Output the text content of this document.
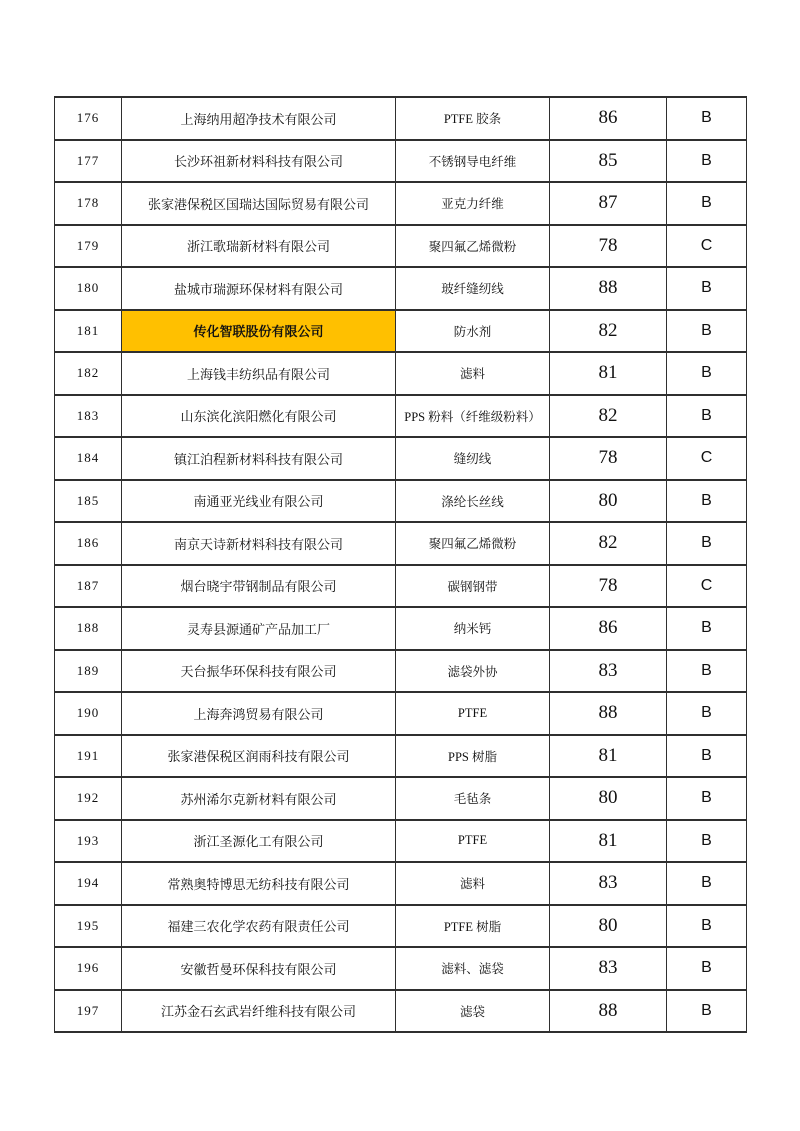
176	上海纳用超净技术有限公司	PTFE 胶条	86	B
177	长沙环祖新材料科技有限公司	不锈钢导电纤维	85	B
178	张家港保税区国瑞达国际贸易有限公司	亚克力纤维	87	B
179	浙江歌瑞新材料有限公司	聚四氟乙烯微粉	78	C
180	盐城市瑞源环保材料有限公司	玻纤缝纫线	88	B
181	传化智联股份有限公司	防水剂	82	B
182	上海钱丰纺织品有限公司	滤料	81	B
183	山东滨化滨阳燃化有限公司	PPS 粉料（纤维级粉料）	82	B
184	镇江泊程新材料科技有限公司	缝纫线	78	C
185	南通亚光线业有限公司	涤纶长丝线	80	B
186	南京天诗新材料科技有限公司	聚四氟乙烯微粉	82	B
187	烟台晓宇带钢制品有限公司	碳钢钢带	78	C
188	灵寿县源通矿产品加工厂	纳米钙	86	B
189	天台振华环保科技有限公司	滤袋外协	83	B
190	上海奔鸿贸易有限公司	PTFE	88	B
191	张家港保税区润雨科技有限公司	PPS 树脂	81	B
192	苏州浠尔克新材料有限公司	毛毡条	80	B
193	浙江圣源化工有限公司	PTFE	81	B
194	常熟奥特博思无纺科技有限公司	滤料	83	B
195	福建三农化学农药有限责任公司	PTFE 树脂	80	B
196	安徽哲曼环保科技有限公司	滤料、滤袋	83	B
197	江苏金石玄武岩纤维科技有限公司	滤袋	88	B
